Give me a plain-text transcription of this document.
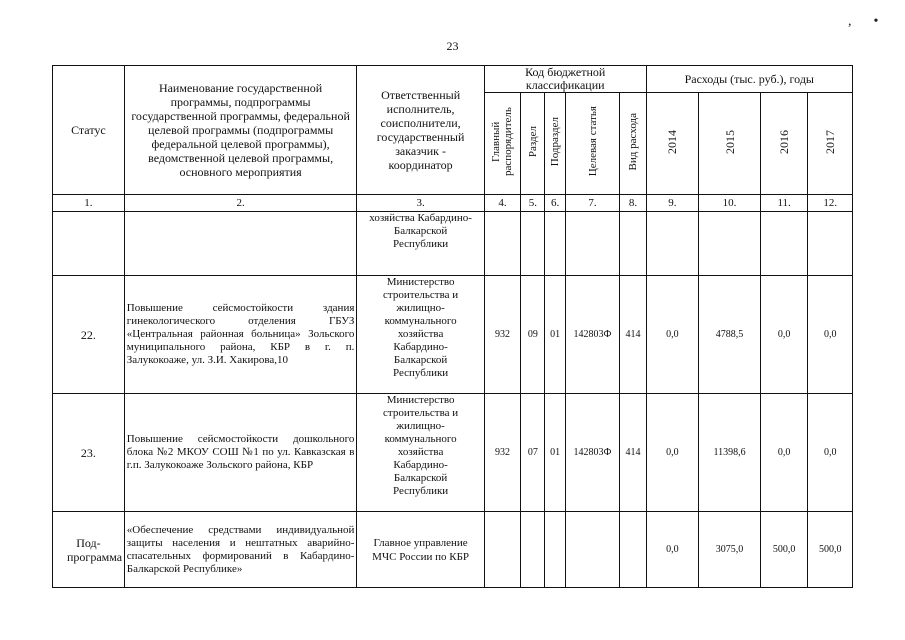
, •
23
Статус	Наименование государственной программы, подпрограммы государственной программы, федеральной целевой программы (подпрограммы федеральной целевой программы), ведомственной целевой программы, основного мероприятия	Ответственный исполнитель, соисполнители, государственный заказчик - координатор	Код бюджетной классификации					Расходы (тыс. руб.), годы			
			Главный распорядитель	Раздел	Подраздел	Целевая статья	Вид расхода	2014	2015	2016	2017
1.	2.	3.	4.	5.	6.	7.	8.	9.	10.	11.	12.
		хозяйства Кабардино-Балкарской Республики									
22.	Повышение сейсмостойкости здания гинекологического отделения ГБУЗ «Центральная районная больница» Зольского муниципального района, КБР в г. п. Залукокоаже, ул. З.И. Хакирова,10	Министерство строительства и жилищно-коммунального хозяйства Кабардино-Балкарской Республики	932	09	01	142803Ф	414	0,0	4788,5	0,0	0,0
23.	Повышение сейсмостойкости дошкольного блока №2 МКОУ СОШ №1 по ул. Кавказская в г.п. Залукокоаже Зольского района, КБР	Министерство строительства и жилищно-коммунального хозяйства Кабардино-Балкарской Республики	932	07	01	142803Ф	414	0,0	11398,6	0,0	0,0
Под-программа	«Обеспечение средствами индивидуальной защиты населения и нештатных аварийно-спасательных формирований в Кабардино-Балкарской Республике»	Главное управление МЧС России по КБР						0,0	3075,0	500,0	500,0
